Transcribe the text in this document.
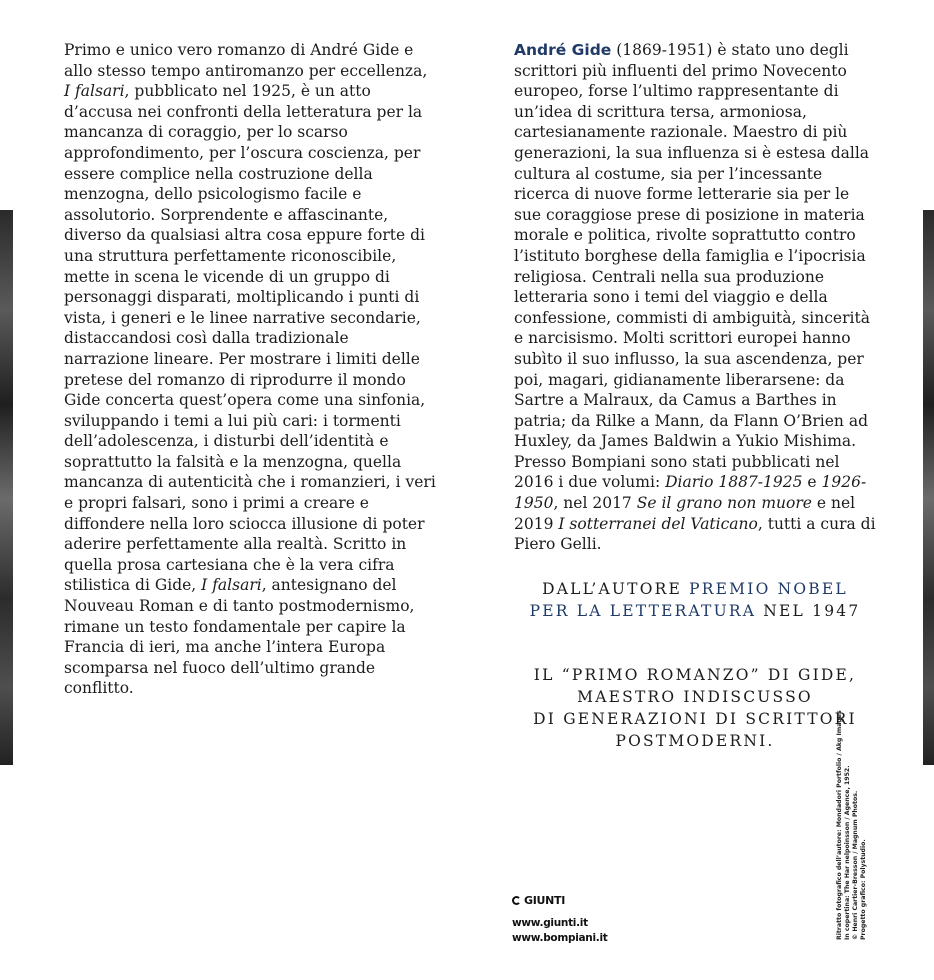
Primo e unico vero romanzo di André Gide e allo stesso tempo antiromanzo per eccellenza, I falsari, pubblicato nel 1925, è un atto d’accusa nei confronti della letteratura per la mancanza di coraggio, per lo scarso approfondimento, per l’oscura coscienza, per essere complice nella costruzione della menzogna, dello psicologismo facile e assolutorio. Sorprendente e affascinante, diverso da qualsiasi altra cosa eppure forte di una struttura perfettamente riconoscibile, mette in scena le vicende di un gruppo di personaggi disparati, moltiplicando i punti di vista, i generi e le linee narrative secondarie, distaccandosi così dalla tradizionale narrazione lineare. Per mostrare i limiti delle pretese del romanzo di riprodurre il mondo Gide concerta quest’opera come una sinfonia, sviluppando i temi a lui più cari: i tormenti dell’adolescenza, i disturbi dell’identità e soprattutto la falsità e la menzogna, quella mancanza di autenticità che i romanzieri, i veri e propri falsari, sono i primi a creare e diffondere nella loro sciocca illusione di poter aderire perfettamente alla realtà. Scritto in quella prosa cartesiana che è la vera cifra stilistica di Gide, I falsari, antesignano del Nouveau Roman e di tanto postmodernismo, rimane un testo fondamentale per capire la Francia di ieri, ma anche l’intera Europa scomparsa nel fuoco dell’ultimo grande conflitto.

André Gide (1869-1951) è stato uno degli scrittori più influenti del primo Novecento europeo, forse l’ultimo rappresentante di un’idea di scrittura tersa, armoniosa, cartesianamente razionale. Maestro di più generazioni, la sua influenza si è estesa dalla cultura al costume, sia per l’incessante ricerca di nuove forme letterarie sia per le sue coraggiose prese di posizione in materia morale e politica, rivolte soprattutto contro l’istituto borghese della famiglia e l’ipocrisia religiosa. Centrali nella sua produzione letteraria sono i temi del viaggio e della confessione, commisti di ambiguità, sincerità e narcisismo. Molti scrittori europei hanno subìto il suo influsso, la sua ascendenza, per poi, magari, gidianamente liberarsene: da Sartre a Malraux, da Camus a Barthes in patria; da Rilke a Mann, da Flann O’Brien ad Huxley, da James Baldwin a Yukio Mishima. Presso Bompiani sono stati pubblicati nel 2016 i due volumi: Diario 1887-1925 e 1926-1950, nel 2017 Se il grano non muore e nel 2019 I sotterranei del Vaticano, tutti a cura di Piero Gelli.

DALL’AUTORE PREMIO NOBEL
PER LA LETTERATURA NEL 1947
IL “PRIMO ROMANZO” DI GIDE,
MAESTRO INDISCUSSO
DI GENERAZIONI DI SCRITTORI
POSTMODERNI.
GIUNTI
www.giunti.it
www.bompiani.it	Ritratto fotografico dell’autore: Mondadori Portfolio / Akg Images In copertina: The Har nelpoinsson / Agence, 1952. © Henri Cartier-Bresson / Magnum Photos. Progetto grafico: Polystudio.
